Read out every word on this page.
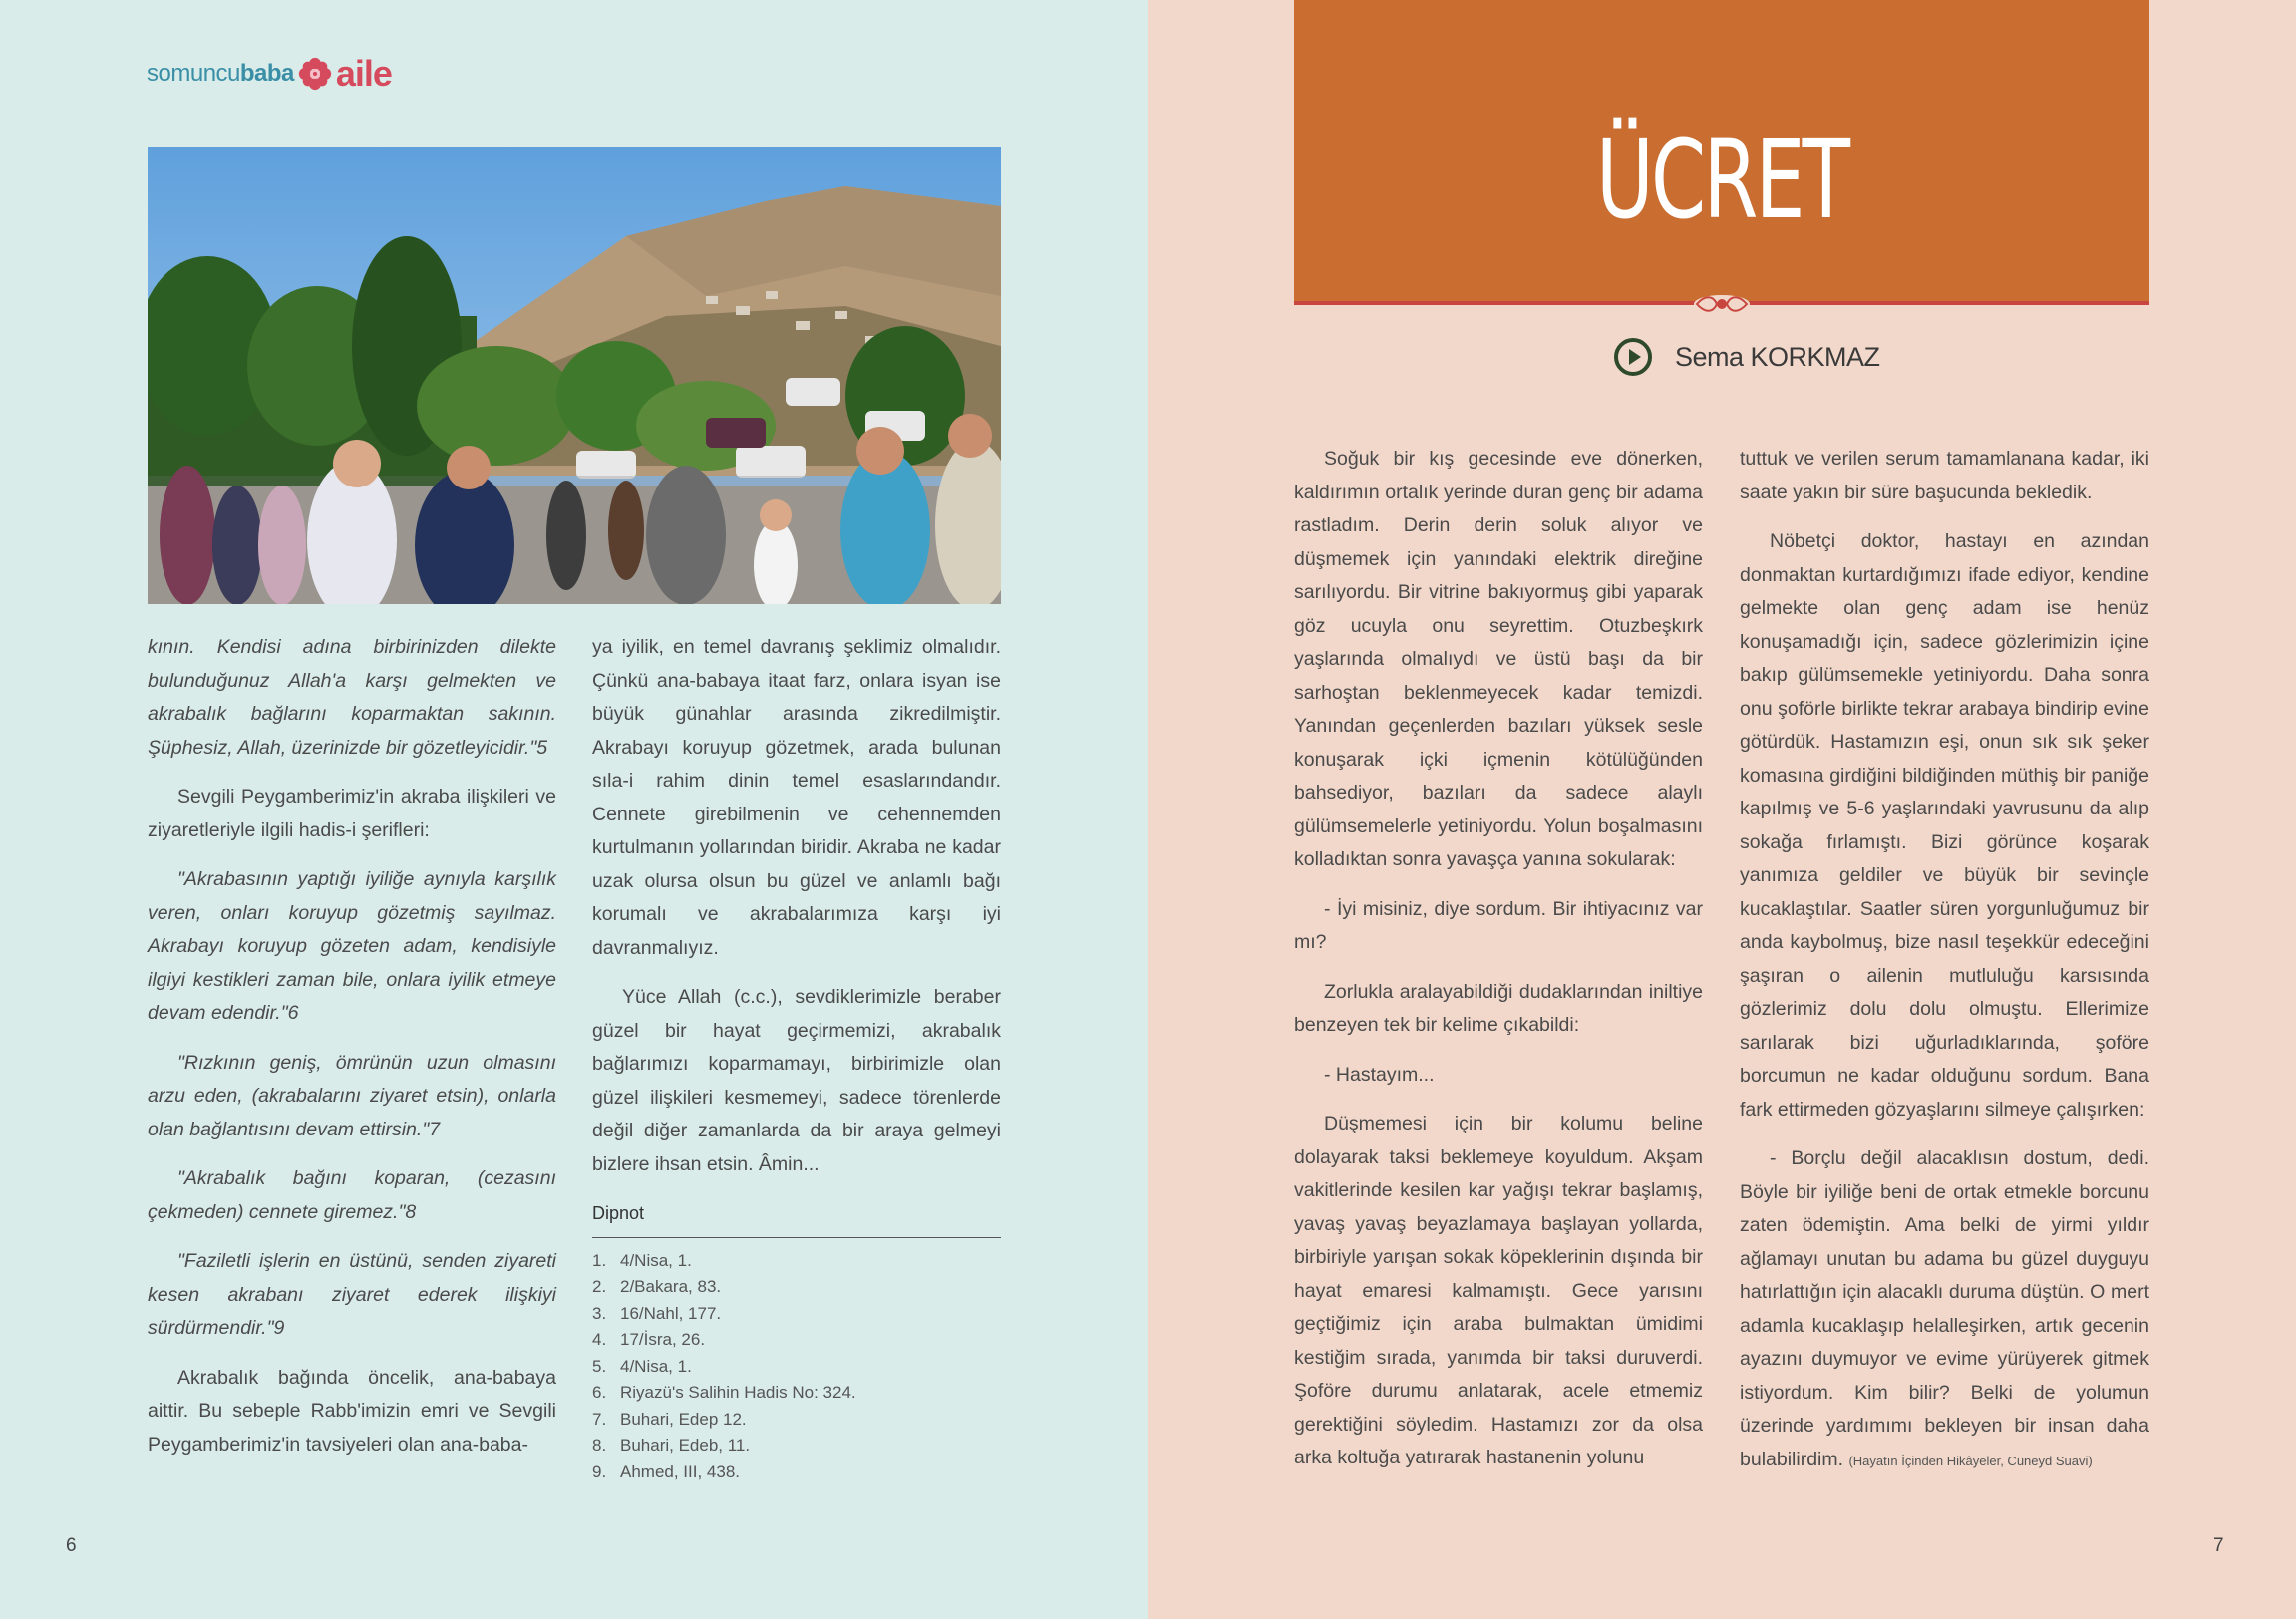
somuncu baba aile

kının. Kendisi adına birbirinizden dilekte bulunduğunuz Allah'a karşı gelmekten ve akrabalık bağlarını koparmaktan sakının. Şüphesiz, Allah, üzerinizde bir gözetleyicidir."5

Sevgili Peygamberimiz'in akraba ilişkileri ve ziyaretleriyle ilgili hadis-i şerifleri:

"Akrabasının yaptığı iyiliğe aynıyla karşılık veren, onları koruyup gözetmiş sayılmaz. Akrabayı koruyup gözeten adam, kendisiyle ilgiyi kestikleri zaman bile, onlara iyilik etmeye devam edendir."6

"Rızkının geniş, ömrünün uzun olmasını arzu eden, (akrabalarını ziyaret etsin), onlarla olan bağlantısını devam ettirsin."7

"Akrabalık bağını koparan, (cezasını çekmeden) cennete giremez."8

"Faziletli işlerin en üstünü, senden ziyareti kesen akrabanı ziyaret ederek ilişkiyi sürdürmendir."9

Akrabalık bağında öncelik, ana-babaya aittir. Bu sebeple Rabb'imizin emri ve Sevgili Peygamberimiz'in tavsiyeleri olan ana-baba-

ya iyilik, en temel davranış şeklimiz olmalıdır. Çünkü ana-babaya itaat farz, onlara isyan ise büyük günahlar arasında zikredilmiştir. Akrabayı koruyup gözetmek, arada bulunan sıla-i rahim dinin temel esaslarındandır. Cennete girebilmenin ve cehennemden kurtulmanın yollarından biridir. Akraba ne kadar uzak olursa olsun bu güzel ve anlamlı bağı korumalı ve akrabalarımıza karşı iyi davranmalıyız.

Yüce Allah (c.c.), sevdiklerimizle beraber güzel bir hayat geçirmemizi, akrabalık bağlarımızı koparmamayı, birbirimizle olan güzel ilişkileri kesmemeyi, sadece törenlerde değil diğer zamanlarda da bir araya gelmeyi bizlere ihsan etsin. Âmin...

Dipnot
1. 4/Nisa, 1.
2. 2/Bakara, 83.
3. 16/Nahl, 177.
4. 17/İsra, 26.
5. 4/Nisa, 1.
6. Riyazü's Salihin Hadis No: 324.
7. Buhari, Edep 12.
8. Buhari, Edeb, 11.
9. Ahmed, III, 438.
6
ÜCRET
Sema KORKMAZ

Soğuk bir kış gecesinde eve dönerken, kaldırımın ortalık yerinde duran genç bir adama rastladım. Derin derin soluk alıyor ve düşmemek için yanındaki elektrik direğine sarılıyordu. Bir vitrine bakıyormuş gibi yaparak göz ucuyla onu seyrettim. Otuzbeşkırk yaşlarında olmalıydı ve üstü başı da bir sarhoştan beklenmeyecek kadar temizdi. Yanından geçenlerden bazıları yüksek sesle konuşarak içki içmenin kötülüğünden bahsediyor, bazıları da sadece alaylı gülümsemelerle yetiniyordu. Yolun boşalmasını kolladıktan sonra yavaşça yanına sokularak:

- İyi misiniz, diye sordum. Bir ihtiyacınız var mı?

Zorlukla aralayabildiği dudaklarından iniltiye benzeyen tek bir kelime çıkabildi:

- Hastayım...

Düşmemesi için bir kolumu beline dolayarak taksi beklemeye koyuldum. Akşam vakitlerinde kesilen kar yağışı tekrar başlamış, yavaş yavaş beyazlamaya başlayan yollarda, birbiriyle yarışan sokak köpeklerinin dışında bir hayat emaresi kalmamıştı. Gece yarısını geçtiğimiz için araba bulmaktan ümidimi kestiğim sırada, yanımda bir taksi duruverdi. Şoföre durumu anlatarak, acele etmemiz gerektiğini söyledim. Hastamızı zor da olsa arka koltuğa yatırarak hastanenin yolunu

tuttuk ve verilen serum tamamlanana kadar, iki saate yakın bir süre başucunda bekledik.

Nöbetçi doktor, hastayı en azından donmaktan kurtardığımızı ifade ediyor, kendine gelmekte olan genç adam ise henüz konuşamadığı için, sadece gözlerimizin içine bakıp gülümsemekle yetiniyordu. Daha sonra onu şoförle birlikte tekrar arabaya bindirip evine götürdük. Hastamızın eşi, onun sık sık şeker komasına girdiğini bildiğinden müthiş bir paniğe kapılmış ve 5-6 yaşlarındaki yavrusunu da alıp sokağa fırlamıştı. Bizi görünce koşarak yanımıza geldiler ve büyük bir sevinçle kucaklaştılar. Saatler süren yorgunluğumuz bir anda kaybolmuş, bize nasıl teşekkür edeceğini şaşıran o ailenin mutluluğu karsısında gözlerimiz dolu dolu olmuştu. Ellerimize sarılarak bizi uğurladıklarında, şoföre borcumun ne kadar olduğunu sordum. Bana fark ettirmeden gözyaşlarını silmeye çalışırken:

- Borçlu değil alacaklısın dostum, dedi. Böyle bir iyiliğe beni de ortak etmekle borcunu zaten ödemiştin. Ama belki de yirmi yıldır ağlamayı unutan bu adama bu güzel duyguyu hatırlattığın için alacaklı duruma düştün. O mert adamla kucaklaşıp helalleşirken, artık gecenin ayazını duymuyor ve evime yürüyerek gitmek istiyordum. Kim bilir? Belki de yolumun üzerinde yardımımı bekleyen bir insan daha bulabilirdim. (Hayatın İçinden Hikâyeler, Cüneyd Suavi)

7
